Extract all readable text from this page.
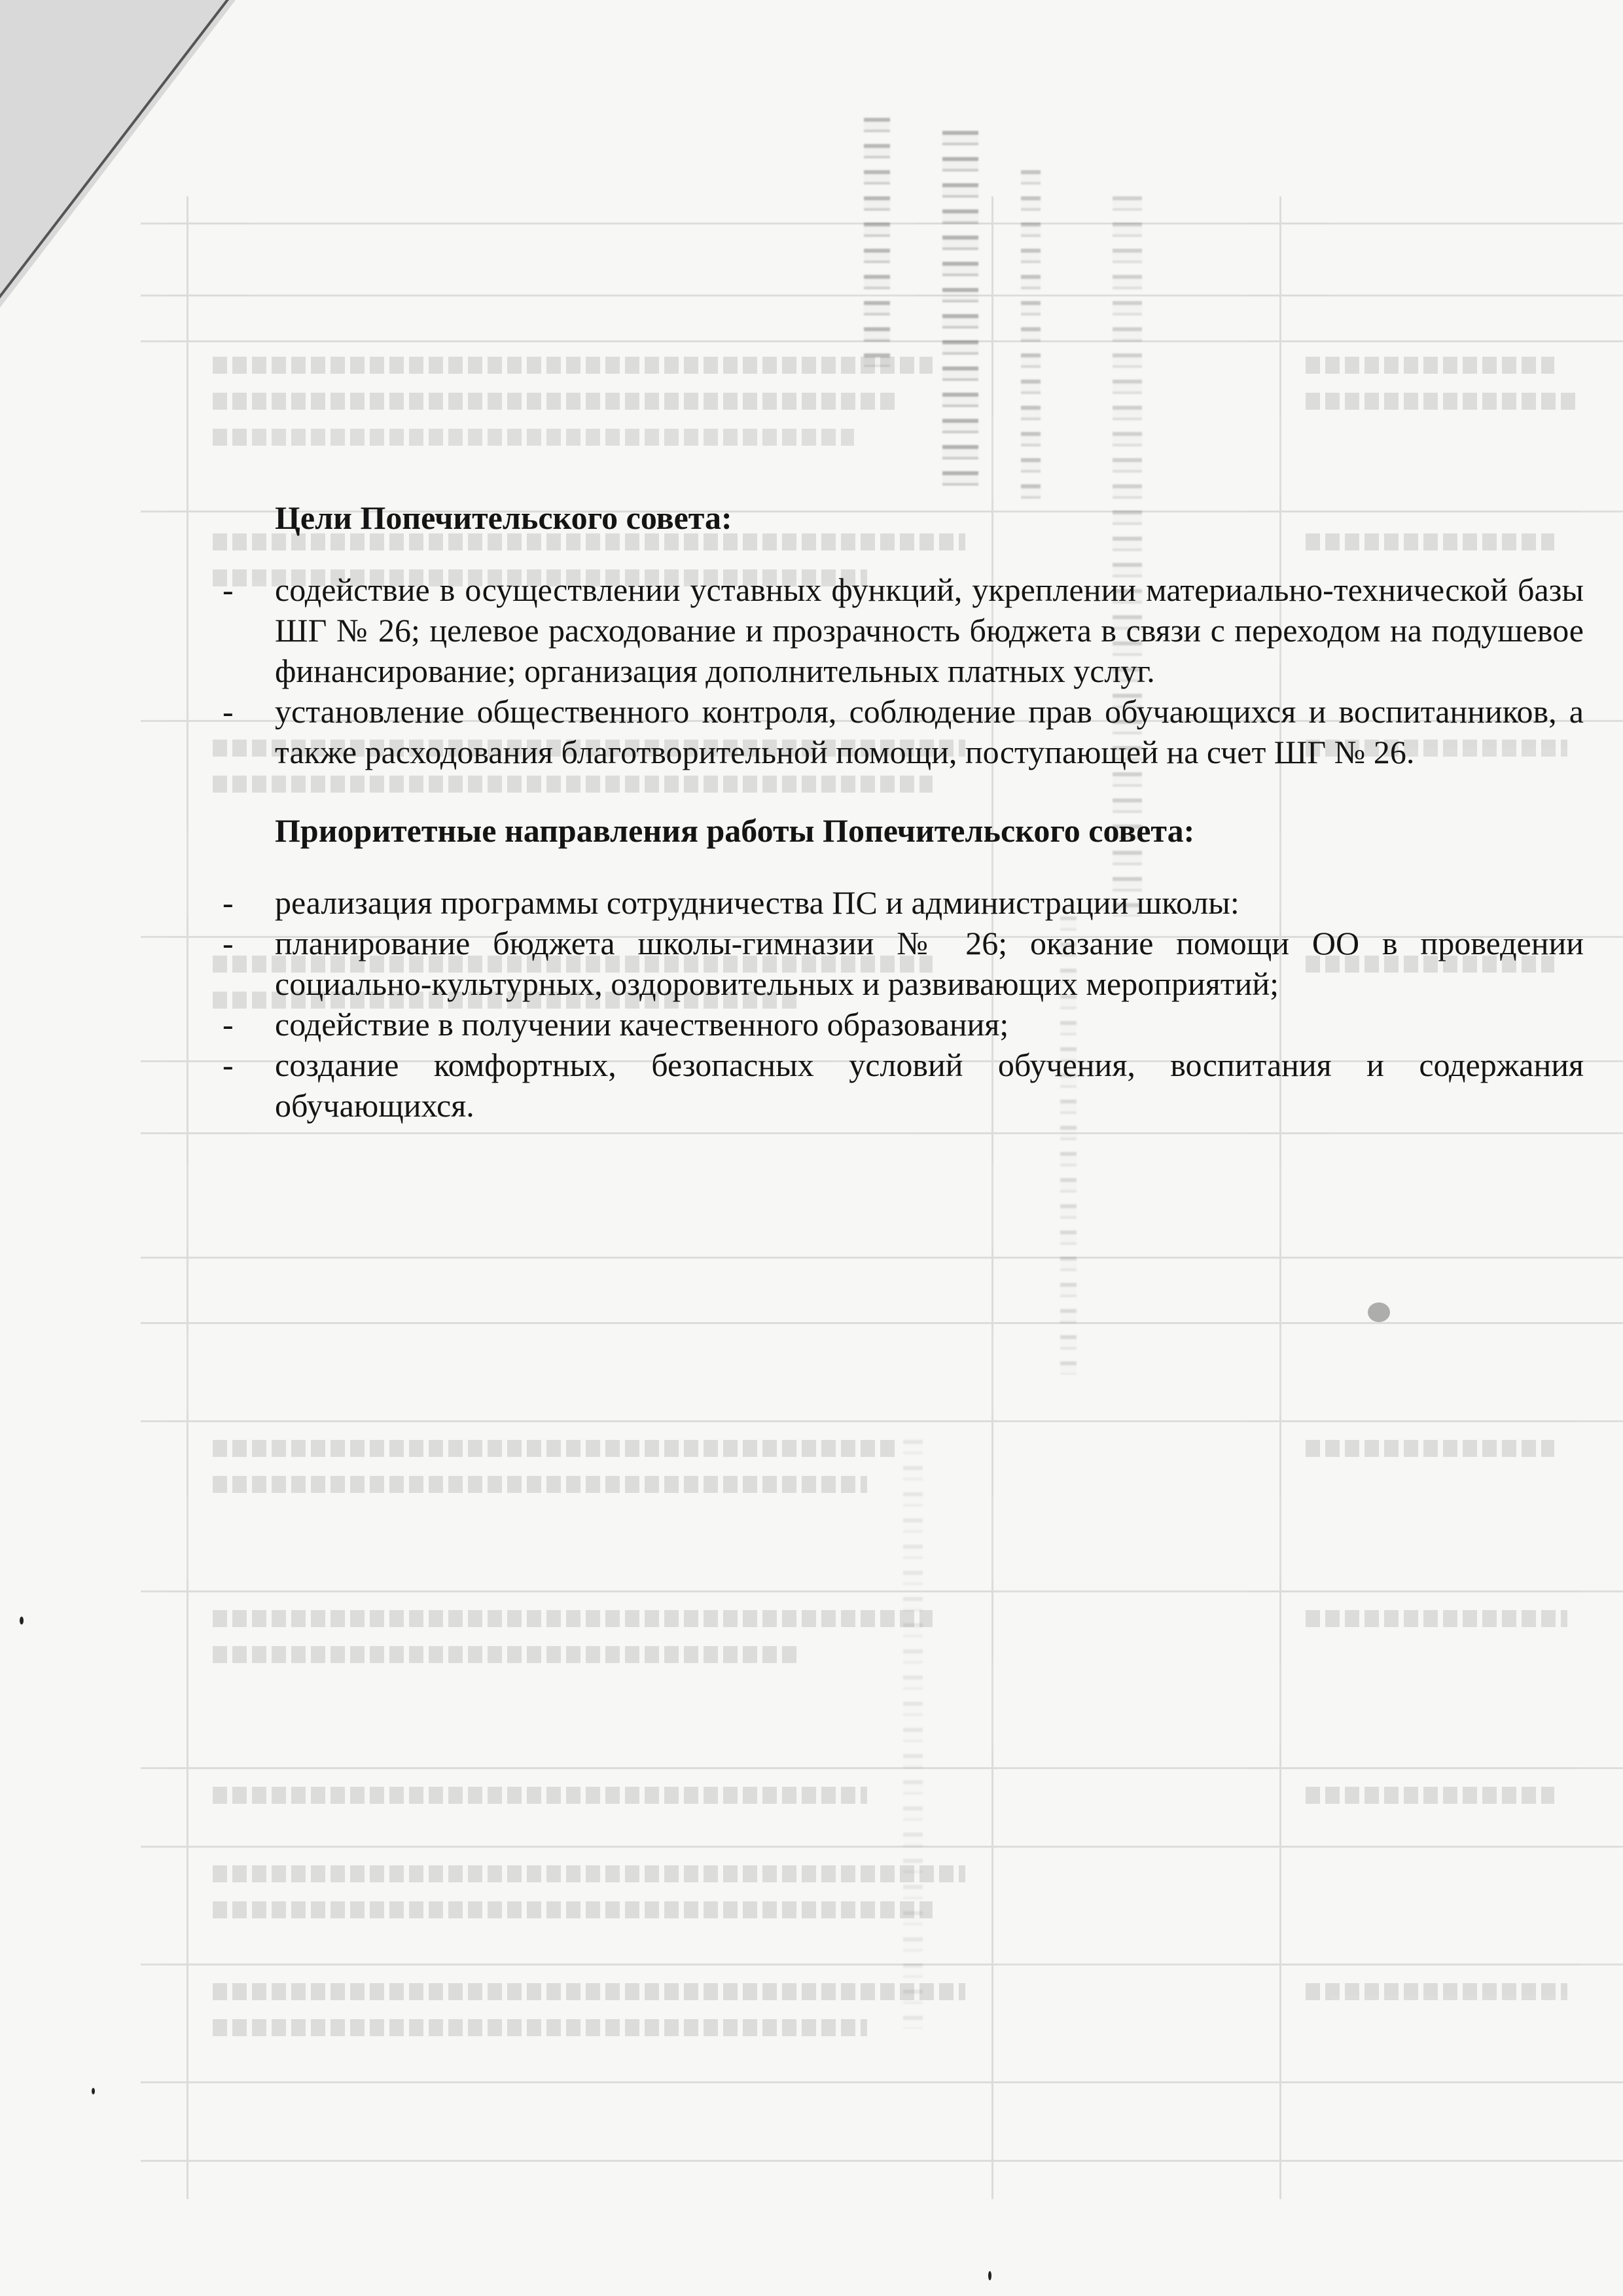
Цели Попечительского совета:
- содействие в осуществлении уставных функций, укреплении материально-технической базы ШГ № 26; целевое расходование и прозрачность бюджета в связи с переходом на подушевое финансирование; организация дополнительных платных услуг.
- установление общественного контроля, соблюдение прав обучающихся и воспитанников, а также расходования благотворительной помощи, поступающей на счет ШГ № 26.
Приоритетные направления работы Попечительского совета:
- реализация программы сотрудничества ПС и администрации школы:
- планирование бюджета школы-гимназии № 26; оказание помощи ОО в проведении социально-культурных, оздоровительных и развивающих мероприятий;
- содействие в получении качественного образования;
- создание комфортных, безопасных условий обучения, воспитания и содержания обучающихся.
